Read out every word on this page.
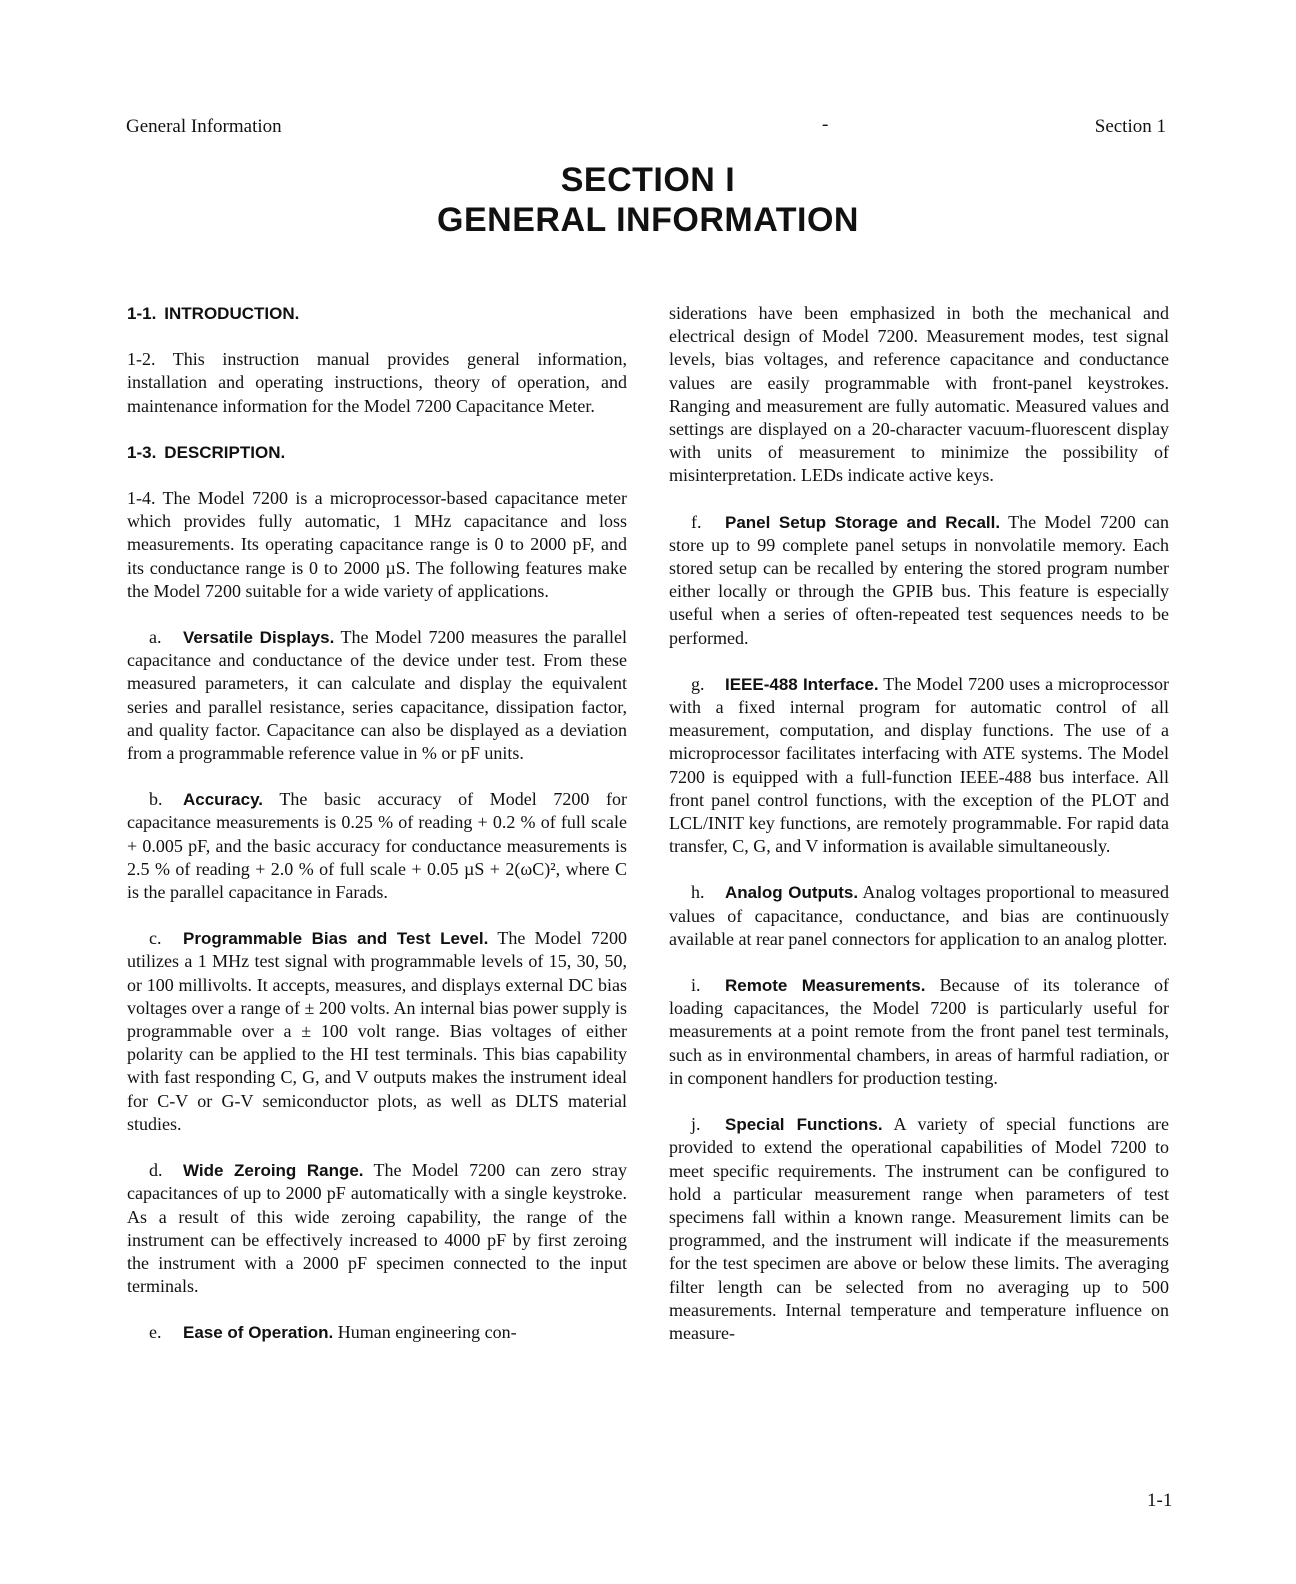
General Information	-	Section 1
SECTION I
GENERAL INFORMATION
1-1. INTRODUCTION.

1-2. This instruction manual provides general information, installation and operating instructions, theory of operation, and maintenance information for the Model 7200 Capacitance Meter.

1-3. DESCRIPTION.

1-4. The Model 7200 is a microprocessor-based capacitance meter which provides fully automatic, 1 MHz capacitance and loss measurements. Its operating capacitance range is 0 to 2000 pF, and its conductance range is 0 to 2000 µS. The following features make the Model 7200 suitable for a wide variety of applications.

a. Versatile Displays. The Model 7200 measures the parallel capacitance and conductance of the device under test. From these measured parameters, it can calculate and display the equivalent series and parallel resistance, series capacitance, dissipation factor, and quality factor. Capacitance can also be displayed as a deviation from a programmable reference value in % or pF units.

b. Accuracy. The basic accuracy of Model 7200 for capacitance measurements is 0.25 % of reading + 0.2 % of full scale + 0.005 pF, and the basic accuracy for conductance measurements is 2.5 % of reading + 2.0 % of full scale + 0.05 µS + 2(ωC)², where C is the parallel capacitance in Farads.

c. Programmable Bias and Test Level. The Model 7200 utilizes a 1 MHz test signal with programmable levels of 15, 30, 50, or 100 millivolts. It accepts, measures, and displays external DC bias voltages over a range of ± 200 volts. An internal bias power supply is programmable over a ± 100 volt range. Bias voltages of either polarity can be applied to the HI test terminals. This bias capability with fast responding C, G, and V outputs makes the instrument ideal for C-V or G-V semiconductor plots, as well as DLTS material studies.

d. Wide Zeroing Range. The Model 7200 can zero stray capacitances of up to 2000 pF automatically with a single keystroke. As a result of this wide zeroing capability, the range of the instrument can be effectively increased to 4000 pF by first zeroing the instrument with a 2000 pF specimen connected to the input terminals.

e. Ease of Operation. Human engineering con-

siderations have been emphasized in both the mechanical and electrical design of Model 7200. Measurement modes, test signal levels, bias voltages, and reference capacitance and conductance values are easily programmable with front-panel keystrokes. Ranging and measurement are fully automatic. Measured values and settings are displayed on a 20-character vacuum-fluorescent display with units of measurement to minimize the possibility of misinterpretation. LEDs indicate active keys.

f. Panel Setup Storage and Recall. The Model 7200 can store up to 99 complete panel setups in nonvolatile memory. Each stored setup can be recalled by entering the stored program number either locally or through the GPIB bus. This feature is especially useful when a series of often-repeated test sequences needs to be performed.

g. IEEE-488 Interface. The Model 7200 uses a microprocessor with a fixed internal program for automatic control of all measurement, computation, and display functions. The use of a microprocessor facilitates interfacing with ATE systems. The Model 7200 is equipped with a full-function IEEE-488 bus interface. All front panel control functions, with the exception of the PLOT and LCL/INIT key functions, are remotely programmable. For rapid data transfer, C, G, and V information is available simultaneously.

h. Analog Outputs. Analog voltages proportional to measured values of capacitance, conductance, and bias are continuously available at rear panel connectors for application to an analog plotter.

i. Remote Measurements. Because of its tolerance of loading capacitances, the Model 7200 is particularly useful for measurements at a point remote from the front panel test terminals, such as in environmental chambers, in areas of harmful radiation, or in component handlers for production testing.

j. Special Functions. A variety of special functions are provided to extend the operational capabilities of Model 7200 to meet specific requirements. The instrument can be configured to hold a particular measurement range when parameters of test specimens fall within a known range. Measurement limits can be programmed, and the instrument will indicate if the measurements for the test specimen are above or below these limits. The averaging filter length can be selected from no averaging up to 500 measurements. Internal temperature and temperature influence on measure-

1-1
